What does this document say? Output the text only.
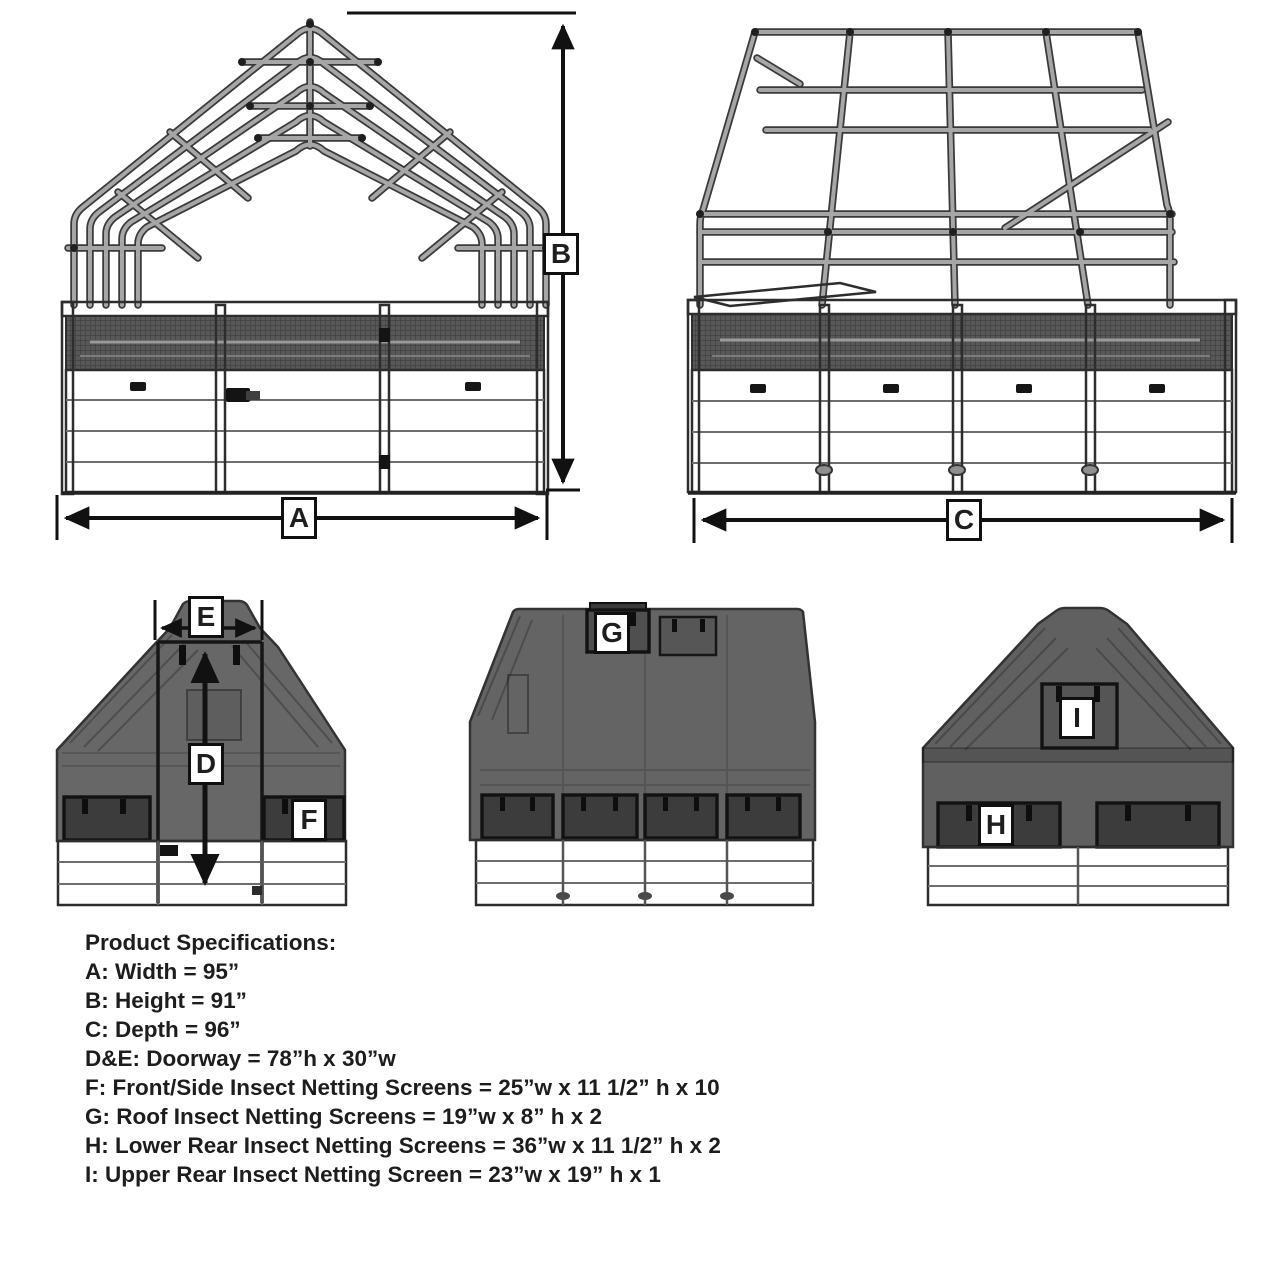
A
B
C
D
E
F
G
H
I
Product Specifications:
A: Width = 95”
B: Height = 91”
C: Depth = 96”
D&E: Doorway = 78”h x 30”w
F: Front/Side Insect Netting Screens = 25”w x 11 1/2” h x 10
G: Roof Insect Netting Screens = 19”w x 8” h x 2
H: Lower Rear Insect Netting Screens = 36”w x 11 1/2” h x 2
I: Upper Rear Insect Netting Screen = 23”w x 19” h x 1
